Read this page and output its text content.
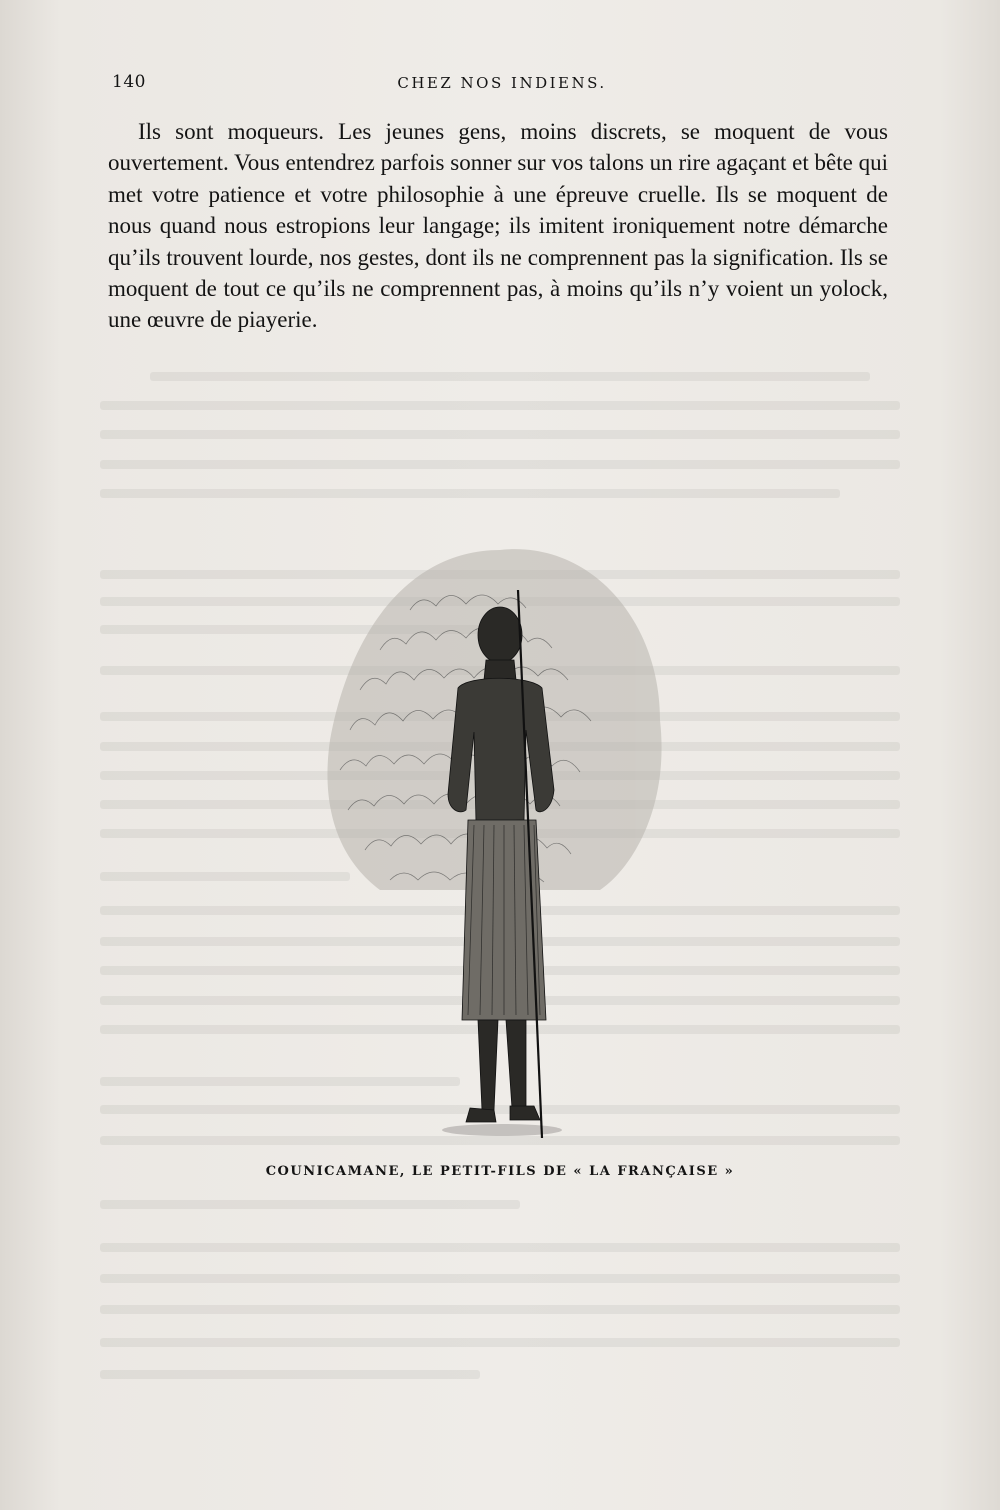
140	CHEZ NOS INDIENS.

Ils sont moqueurs. Les jeunes gens, moins discrets, se moquent de vous ouvertement. Vous entendrez parfois sonner sur vos talons un rire agaçant et bête qui met votre patience et votre philosophie à une épreuve cruelle. Ils se moquent de nous quand nous estropions leur langage; ils imitent ironiquement notre démarche qu’ils trouvent lourde, nos gestes, dont ils ne comprennent pas la signification. Ils se moquent de tout ce qu’ils ne comprennent pas, à moins qu’ils n’y voient un yolock, une œuvre de piayerie.

COUNICAMANE, LE PETIT-FILS DE « LA FRANÇAISE »
